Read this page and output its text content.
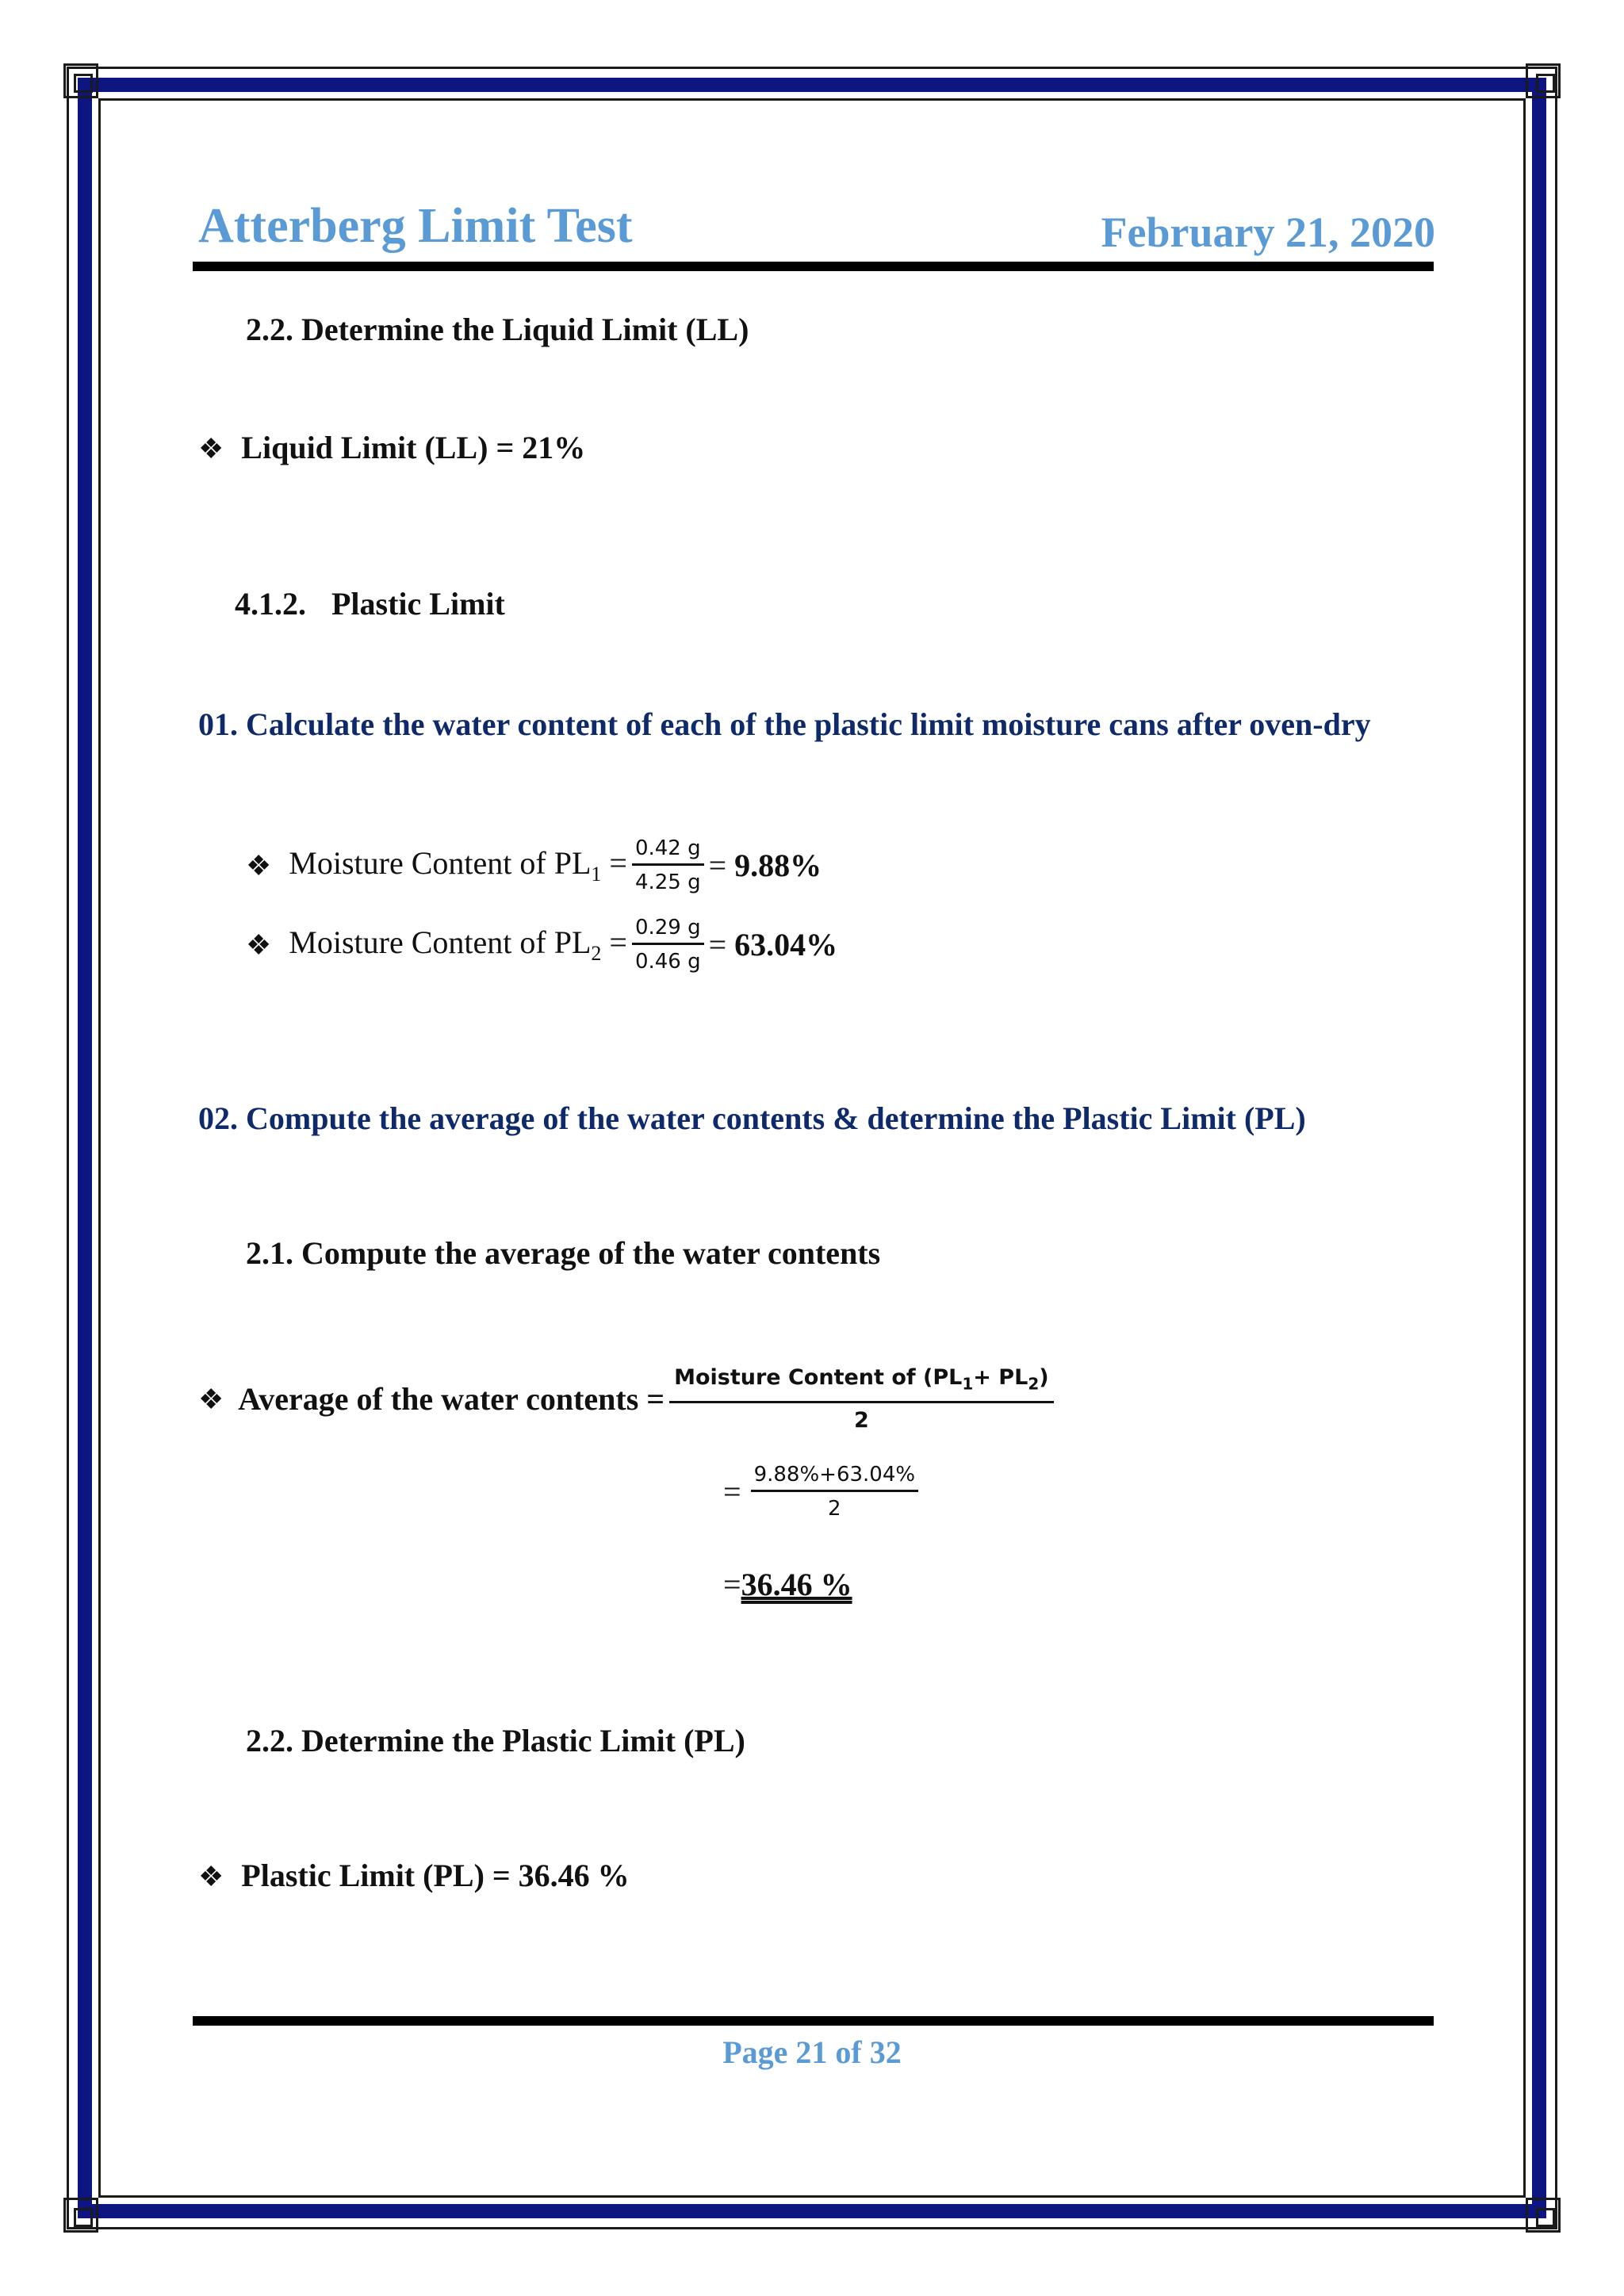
Atterberg Limit Test	February 21, 2020
2.2. Determine the Liquid Limit (LL)
❖ Liquid Limit (LL) = 21%
4.1.2. Plastic Limit
01. Calculate the water content of each of the plastic limit moisture cans after oven-dry
❖ Moisture Content of $PL_1 = \frac{0.42 g}{4.25 g} = 9.88\%$
❖ Moisture Content of $PL_2 = \frac{0.29 g}{0.46 g} = 63.04\%$
02. Compute the average of the water contents & determine the Plastic Limit (PL)
2.1. Compute the average of the water contents
❖ Average of the water contents = $\frac{Moisture Content of (PL_1+ PL_2)}{2}$
= $\frac{9.88\%+63.04\%}{2}$
=36.46 %
2.2. Determine the Plastic Limit (PL)
❖ Plastic Limit (PL) = 36.46 %
Page 21 of 32
